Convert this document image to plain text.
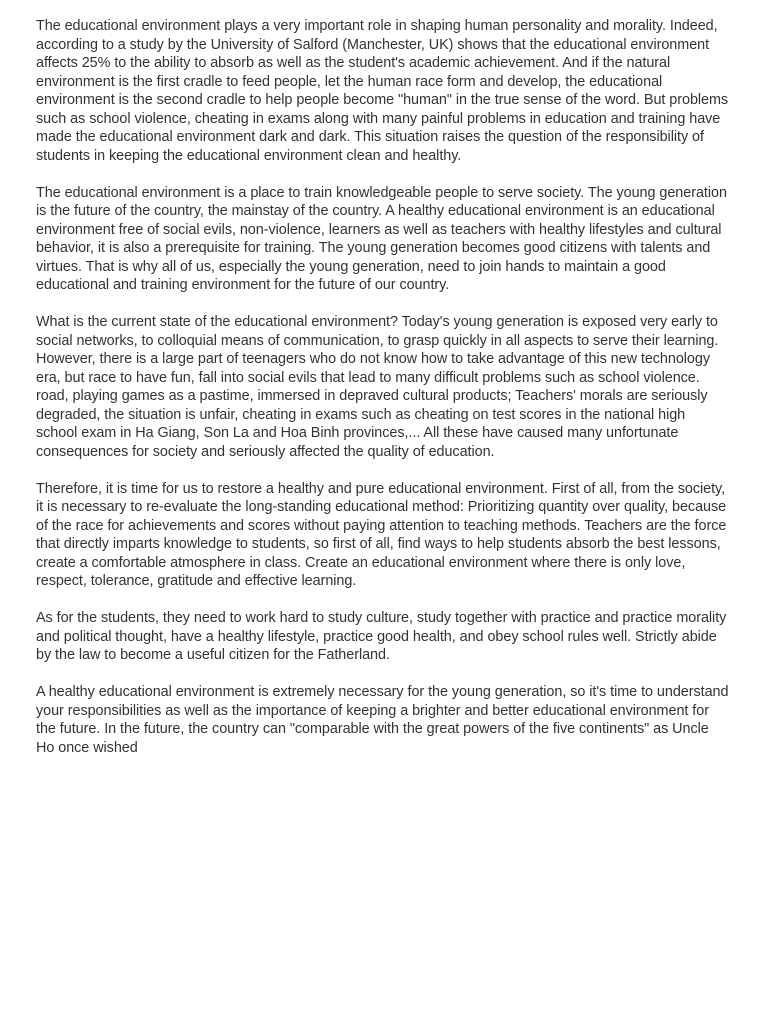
The educational environment plays a very important role in shaping human personality and morality. Indeed, according to a study by the University of Salford (Manchester, UK) shows that the educational environment affects 25% to the ability to absorb as well as the student's academic achievement. And if the natural environment is the first cradle to feed people, let the human race form and develop, the educational environment is the second cradle to help people become "human" in the true sense of the word. But problems such as school violence, cheating in exams along with many painful problems in education and training have made the educational environment dark and dark. This situation raises the question of the responsibility of students in keeping the educational environment clean and healthy.

The educational environment is a place to train knowledgeable people to serve society. The young generation is the future of the country, the mainstay of the country. A healthy educational environment is an educational environment free of social evils, non-violence, learners as well as teachers with healthy lifestyles and cultural behavior, it is also a prerequisite for training. The young generation becomes good citizens with talents and virtues. That is why all of us, especially the young generation, need to join hands to maintain a good educational and training environment for the future of our country.

What is the current state of the educational environment? Today's young generation is exposed very early to social networks, to colloquial means of communication, to grasp quickly in all aspects to serve their learning. However, there is a large part of teenagers who do not know how to take advantage of this new technology era, but race to have fun, fall into social evils that lead to many difficult problems such as school violence. road, playing games as a pastime, immersed in depraved cultural products; Teachers' morals are seriously degraded, the situation is unfair, cheating in exams such as cheating on test scores in the national high school exam in Ha Giang, Son La and Hoa Binh provinces,... All these have caused many unfortunate consequences for society and seriously affected the quality of education.

Therefore, it is time for us to restore a healthy and pure educational environment. First of all, from the society, it is necessary to re-evaluate the long-standing educational method: Prioritizing quantity over quality, because of the race for achievements and scores without paying attention to teaching methods. Teachers are the force that directly imparts knowledge to students, so first of all, find ways to help students absorb the best lessons, create a comfortable atmosphere in class. Create an educational environment where there is only love, respect, tolerance, gratitude and effective learning.

As for the students, they need to work hard to study culture, study together with practice and practice morality and political thought, have a healthy lifestyle, practice good health, and obey school rules well. Strictly abide by the law to become a useful citizen for the Fatherland.

A healthy educational environment is extremely necessary for the young generation, so it's time to understand your responsibilities as well as the importance of keeping a brighter and better educational environment for the future. In the future, the country can "comparable with the great powers of the five continents" as Uncle Ho once wished
